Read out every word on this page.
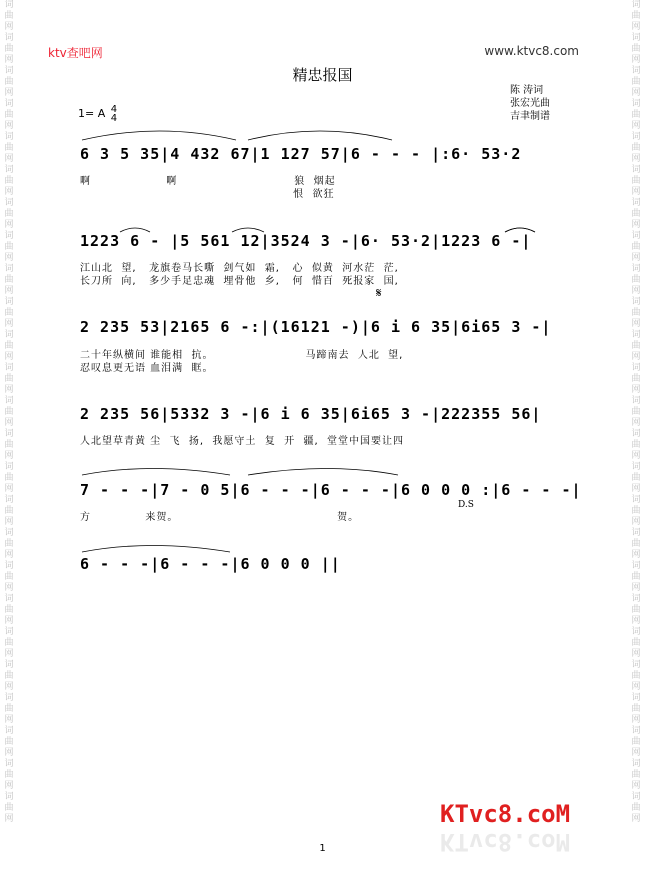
词曲网词曲网词曲网词曲网词曲网词曲网词曲网词曲网词曲网词曲网词曲网词曲网词曲网词曲网词曲网词曲网词曲网词曲网词曲网词曲网词曲网词曲网词曲网词曲网词曲网
词曲网词曲网词曲网词曲网词曲网词曲网词曲网词曲网词曲网词曲网词曲网词曲网词曲网词曲网词曲网词曲网词曲网词曲网词曲网词曲网词曲网词曲网词曲网词曲网词曲网
ktv查吧网	www.ktvc8.com
精忠报国
陈 涛词
张宏光曲
吉聿制谱
1= A 4
4
6 3 5 35|4 432 67|1 127 57|6 - - - |:6· 53·2
啊                  啊                            狼  烟起
恨  欲狂
1223 6 - |5 561 12|3524 3 -|6· 53·2|1223 6 -|
江山北  望,   龙旗卷马长嘶  剑气如  霜,   心  似黄  河水茫  茫,
长刀所  向,   多少手足忠魂  埋骨他  乡,   何  惜百  死报家  国,
𝄋
2 235 53|2165 6 -:|(16121 -)|6 i 6 35|6i65 3 -|
二十年纵横间 谁能相  抗。                      马蹄南去  人北  望,
忍叹息更无语 血泪满  眶。
2 235 56|5332 3 -|6 i 6 35|6i65 3 -|222355 56|
人北望草青黄 尘  飞  扬,  我愿守土  复  开  疆,  堂堂中国要让四
7 - - -|7 - 0 5|6 - - -|6 - - -|6 0 0 0 :|6 - - -|
方             来贺。                                      贺。
D.S
6 - - -|6 - - -|6 0 0 0 ||
KTvc8.coM
KTvc8.coM
1
